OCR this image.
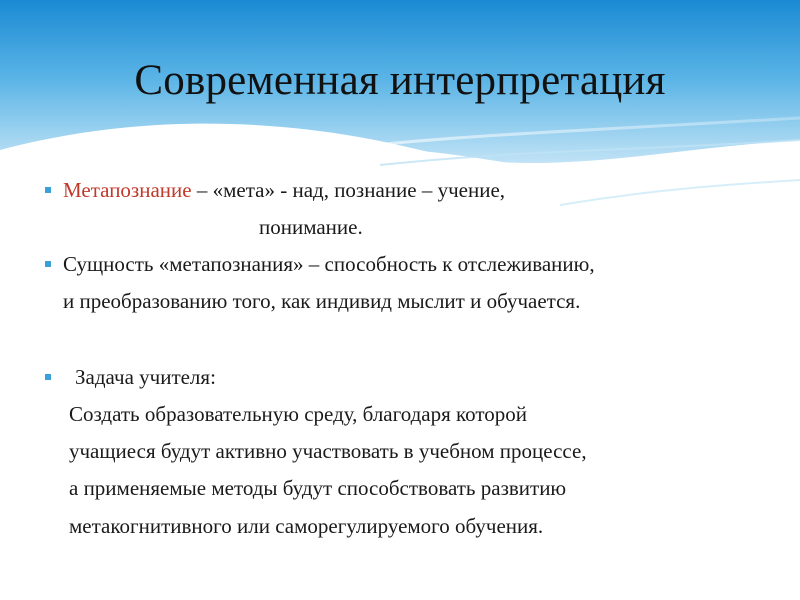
Современная интерпретация
Метапознание – «мета» - над, познание – учение,
понимание.
Сущность «метапознания» – способность к отслеживанию,
и преобразованию того, как индивид мыслит и обучается.
Задача учителя:
Создать образовательную среду, благодаря которой
учащиеся будут активно участвовать в учебном процессе,
а применяемые методы будут способствовать развитию
метакогнитивного или саморегулируемого обучения.
